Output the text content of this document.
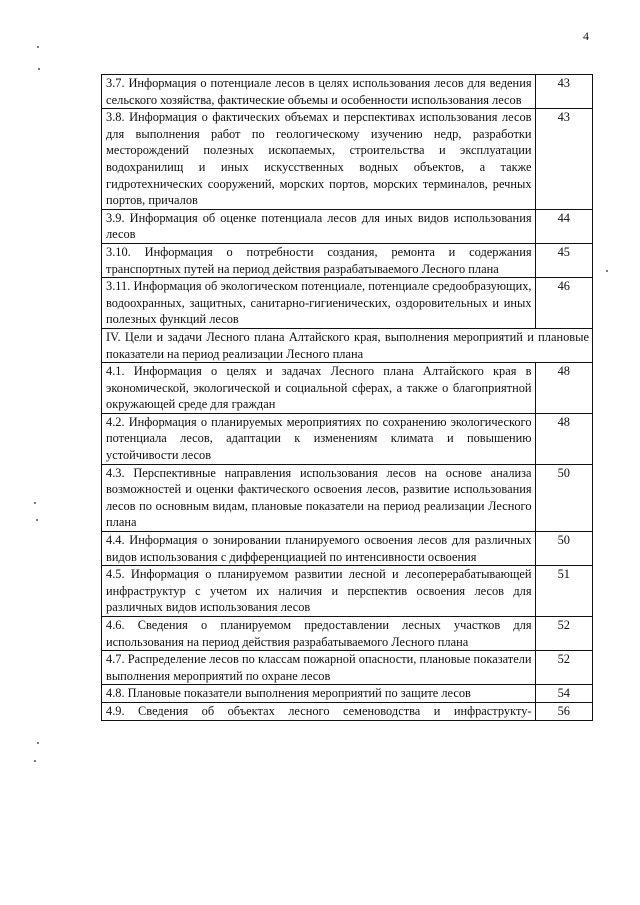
4
3.7. Информация о потенциале лесов в целях использования лесов для ведения сельского хозяйства, фактические объемы и особенности использования лесов	43
3.8. Информация о фактических объемах и перспективах использования лесов для выполнения работ по геологическому изучению недр, разработки месторождений полезных ископаемых, строительства и эксплуатации водохранилищ и иных искусственных водных объектов, а также гидротехнических сооружений, морских портов, морских терминалов, речных портов, причалов	43
3.9. Информация об оценке потенциала лесов для иных видов использования лесов	44
3.10. Информация о потребности создания, ремонта и содержания транспортных путей на период действия разрабатываемого Лесного плана	45
3.11. Информация об экологическом потенциале, потенциале средообразующих, водоохранных, защитных, санитарно-гигиенических, оздоровительных и иных полезных функций лесов	46
IV. Цели и задачи Лесного плана Алтайского края, выполнения мероприятий и плановые показатели на период реализации Лесного плана	
4.1. Информация о целях и задачах Лесного плана Алтайского края в экономической, экологической и социальной сферах, а также о благоприятной окружающей среде для граждан	48
4.2. Информация о планируемых мероприятиях по сохранению экологического потенциала лесов, адаптации к изменениям климата и повышению устойчивости лесов	48
4.3. Перспективные направления использования лесов на основе анализа возможностей и оценки фактического освоения лесов, развитие использования лесов по основным видам, плановые показатели на период реализации Лесного плана	50
4.4. Информация о зонировании планируемого освоения лесов для различных видов использования с дифференциацией по интенсивности освоения	50
4.5. Информация о планируемом развитии лесной и лесоперерабатывающей инфраструктур с учетом их наличия и перспектив освоения лесов для различных видов использования лесов	51
4.6. Сведения о планируемом предоставлении лесных участков для использования на период действия разрабатываемого Лесного плана	52
4.7. Распределение лесов по классам пожарной опасности, плановые показатели выполнения мероприятий по охране лесов	52
4.8. Плановые показатели выполнения мероприятий по защите лесов	54
4.9. Сведения об объектах лесного семеноводства и инфраструкту-	56
